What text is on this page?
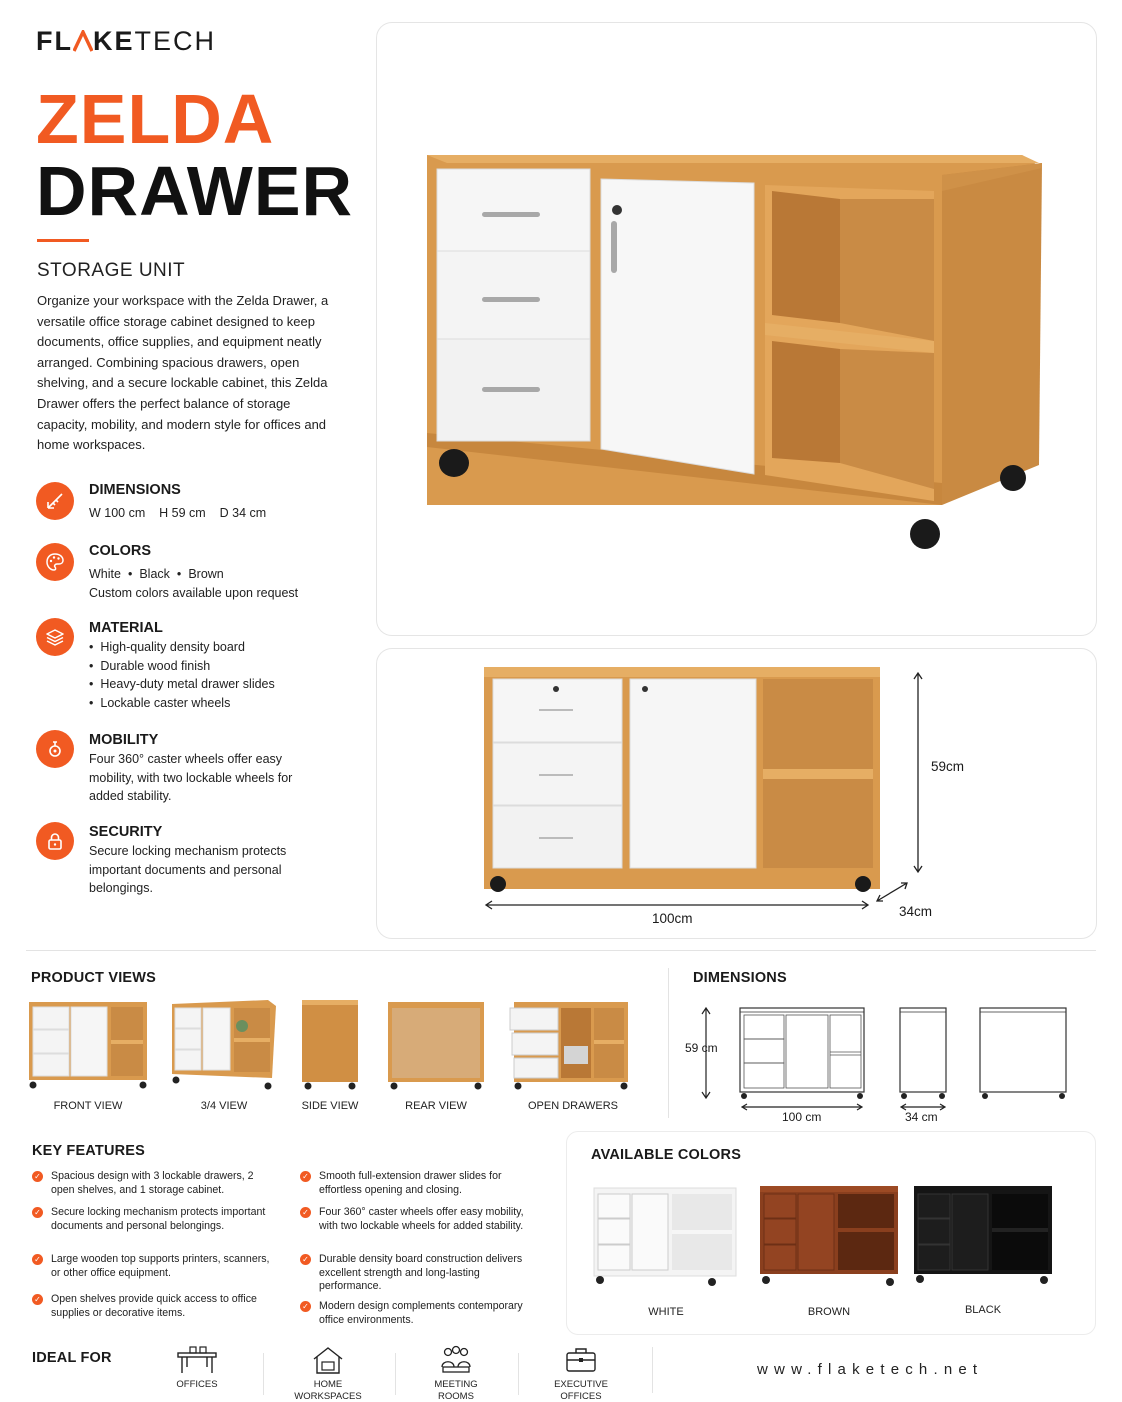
FL KETECH
ZELDA
DRAWER
STORAGE UNIT
Organize your workspace with the Zelda Drawer, a versatile office storage cabinet designed to keep documents, office supplies, and equipment neatly arranged. Combining spacious drawers, open shelving, and a secure lockable cabinet, this Zelda Drawer offers the perfect balance of storage capacity, mobility, and modern style for offices and home workspaces.
DIMENSIONS
W 100 cm H 59 cm D 34 cm
COLORS
White • Black • Brown
Custom colors available upon request
MATERIAL
• High-quality density board
• Durable wood finish
• Heavy-duty metal drawer slides
• Lockable caster wheels
MOBILITY
Four 360° caster wheels offer easy mobility, with two lockable wheels for added stability.
SECURITY
Secure locking mechanism protects important documents and personal belongings.
59cm
100cm	34cm
PRODUCT VIEWS
FRONT VIEW	3/4 VIEW	SIDE VIEW	REAR VIEW	OPEN DRAWERS
DIMENSIONS
59 cm
100 cm	34 cm
KEY FEATURES
✓ Spacious design with 3 lockable drawers, 2 open shelves, and 1 storage cabinet.
✓ Secure locking mechanism protects important documents and personal belongings.
✓ Large wooden top supports printers, scanners, or other office equipment.
✓ Open shelves provide quick access to office supplies or decorative items.
✓ Smooth full-extension drawer slides for effortless opening and closing.
✓ Four 360° caster wheels offer easy mobility, with two lockable wheels for added stability.
✓ Durable density board construction delivers excellent strength and long-lasting performance.
✓ Modern design complements contemporary office environments.
AVAILABLE COLORS
WHITE	BROWN	BLACK
IDEAL FOR
OFFICES	HOME WORKSPACES
MEETING ROOMS
EXECUTIVE OFFICES
www.flaketech.net
